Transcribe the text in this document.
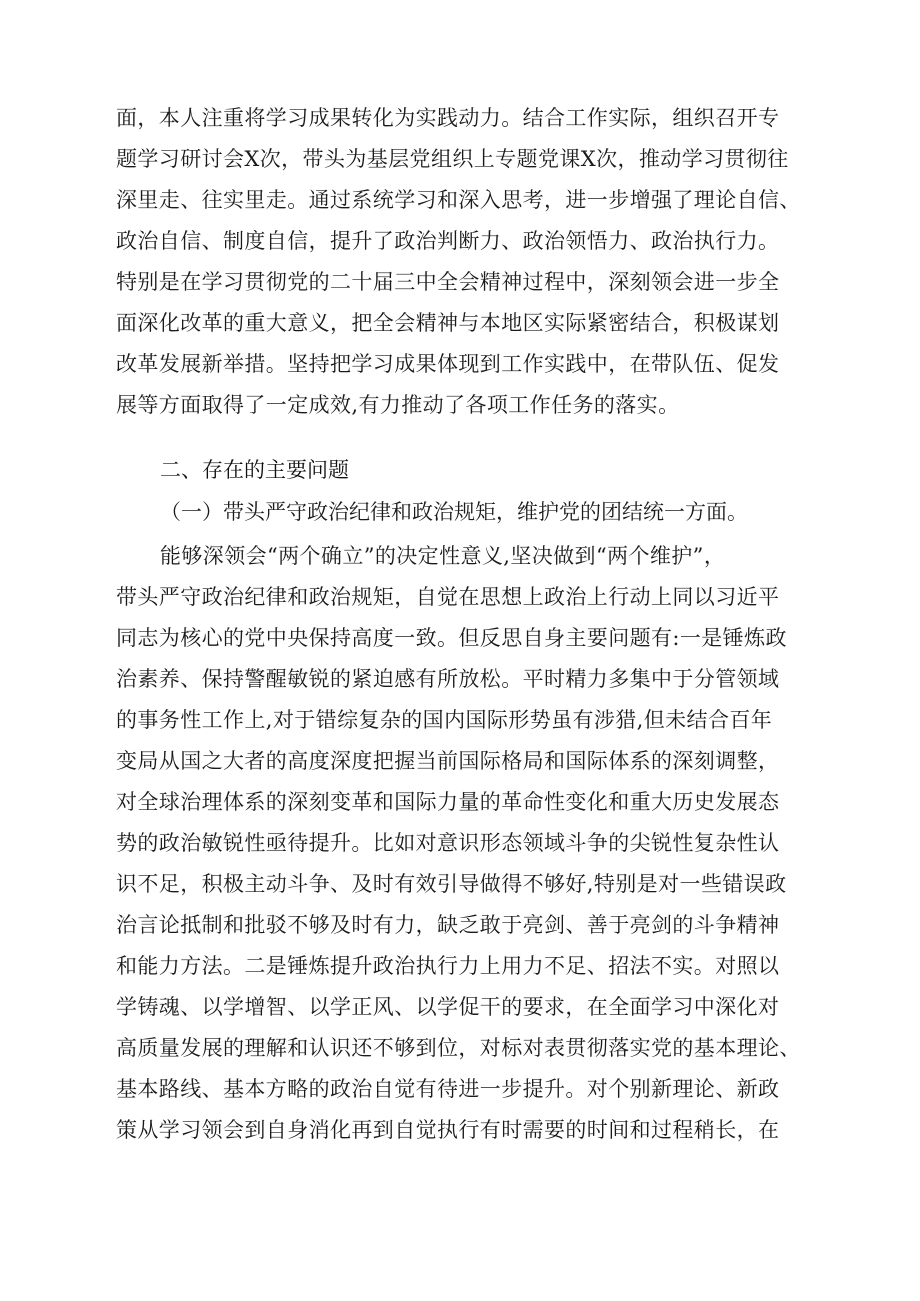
面，本人注重将学习成果转化为实践动力。结合工作实际，组织召开专
题学习研讨会X次，带头为基层党组织上专题党课X次，推动学习贯彻往
深里走、往实里走。通过系统学习和深入思考，进一步增强了理论自信、
政治自信、制度自信，提升了政治判断力、政治领悟力、政治执行力。
特别是在学习贯彻党的二十届三中全会精神过程中，深刻领会进一步全
面深化改革的重大意义，把全会精神与本地区实际紧密结合，积极谋划
改革发展新举措。坚持把学习成果体现到工作实践中，在带队伍、促发
展等方面取得了一定成效,有力推动了各项工作任务的落实。
二、存在的主要问题
（一）带头严守政治纪律和政治规矩，维护党的团结统一方面。
能够深领会“两个确立”的决定性意义,坚决做到“两个维护”，
带头严守政治纪律和政治规矩，自觉在思想上政治上行动上同以习近平
同志为核心的党中央保持高度一致。但反思自身主要问题有:一是锤炼政
治素养、保持警醒敏锐的紧迫感有所放松。平时精力多集中于分管领域
的事务性工作上,对于错综复杂的国内国际形势虽有涉猎,但未结合百年
变局从国之大者的高度深度把握当前国际格局和国际体系的深刻调整，
对全球治理体系的深刻变革和国际力量的革命性变化和重大历史发展态
势的政治敏锐性亟待提升。比如对意识形态领域斗争的尖锐性复杂性认
识不足，积极主动斗争、及时有效引导做得不够好,特别是对一些错误政
治言论抵制和批驳不够及时有力，缺乏敢于亮剑、善于亮剑的斗争精神
和能力方法。二是锤炼提升政治执行力上用力不足、招法不实。对照以
学铸魂、以学增智、以学正风、以学促干的要求，在全面学习中深化对
高质量发展的理解和认识还不够到位，对标对表贯彻落实党的基本理论、
基本路线、基本方略的政治自觉有待进一步提升。对个别新理论、新政
策从学习领会到自身消化再到自觉执行有时需要的时间和过程稍长，在
